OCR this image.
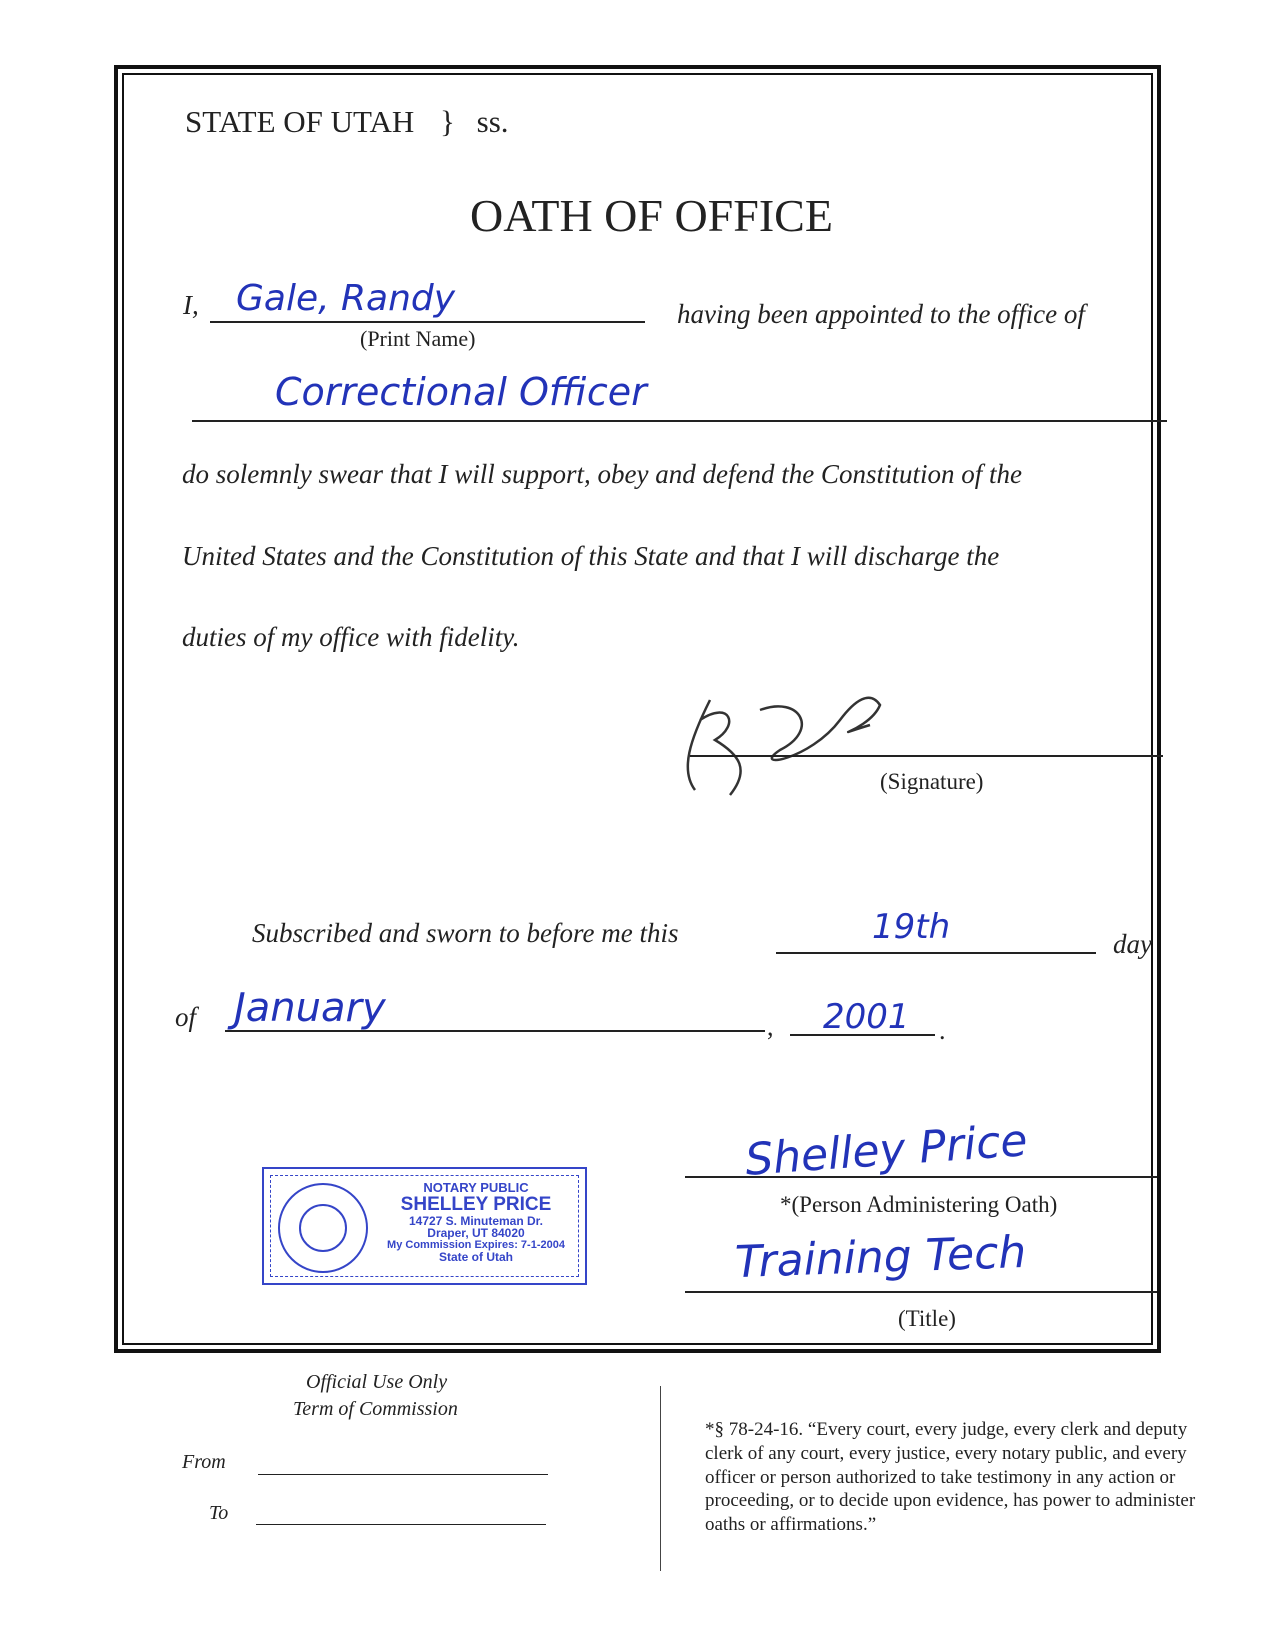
STATE OF UTAH } ss.
OATH OF OFFICE
I, Gale, Randy
(Print Name)
having been appointed to the office of
Correctional Officer
do solemnly swear that I will support, obey and defend the Constitution of the
United States and the Constitution of this State and that I will discharge the
duties of my office with fidelity.
(Signature)
Subscribed and sworn to before me this	19th	day
of January	, 2001 .
NOTARY PUBLIC
SHELLEY PRICE
14727 S. Minuteman Dr.
Draper, UT 84020
My Commission Expires: 7-1-2004
State of Utah
Shelley Price
*(Person Administering Oath)
Training Tech
(Title)
Official Use Only
Term of Commission
From
To
*§ 78-24-16. “Every court, every judge, every clerk and deputy clerk of any court, every justice, every notary public, and every officer or person authorized to take testimony in any action or proceeding, or to decide upon evidence, has power to administer oaths or affirmations.”
